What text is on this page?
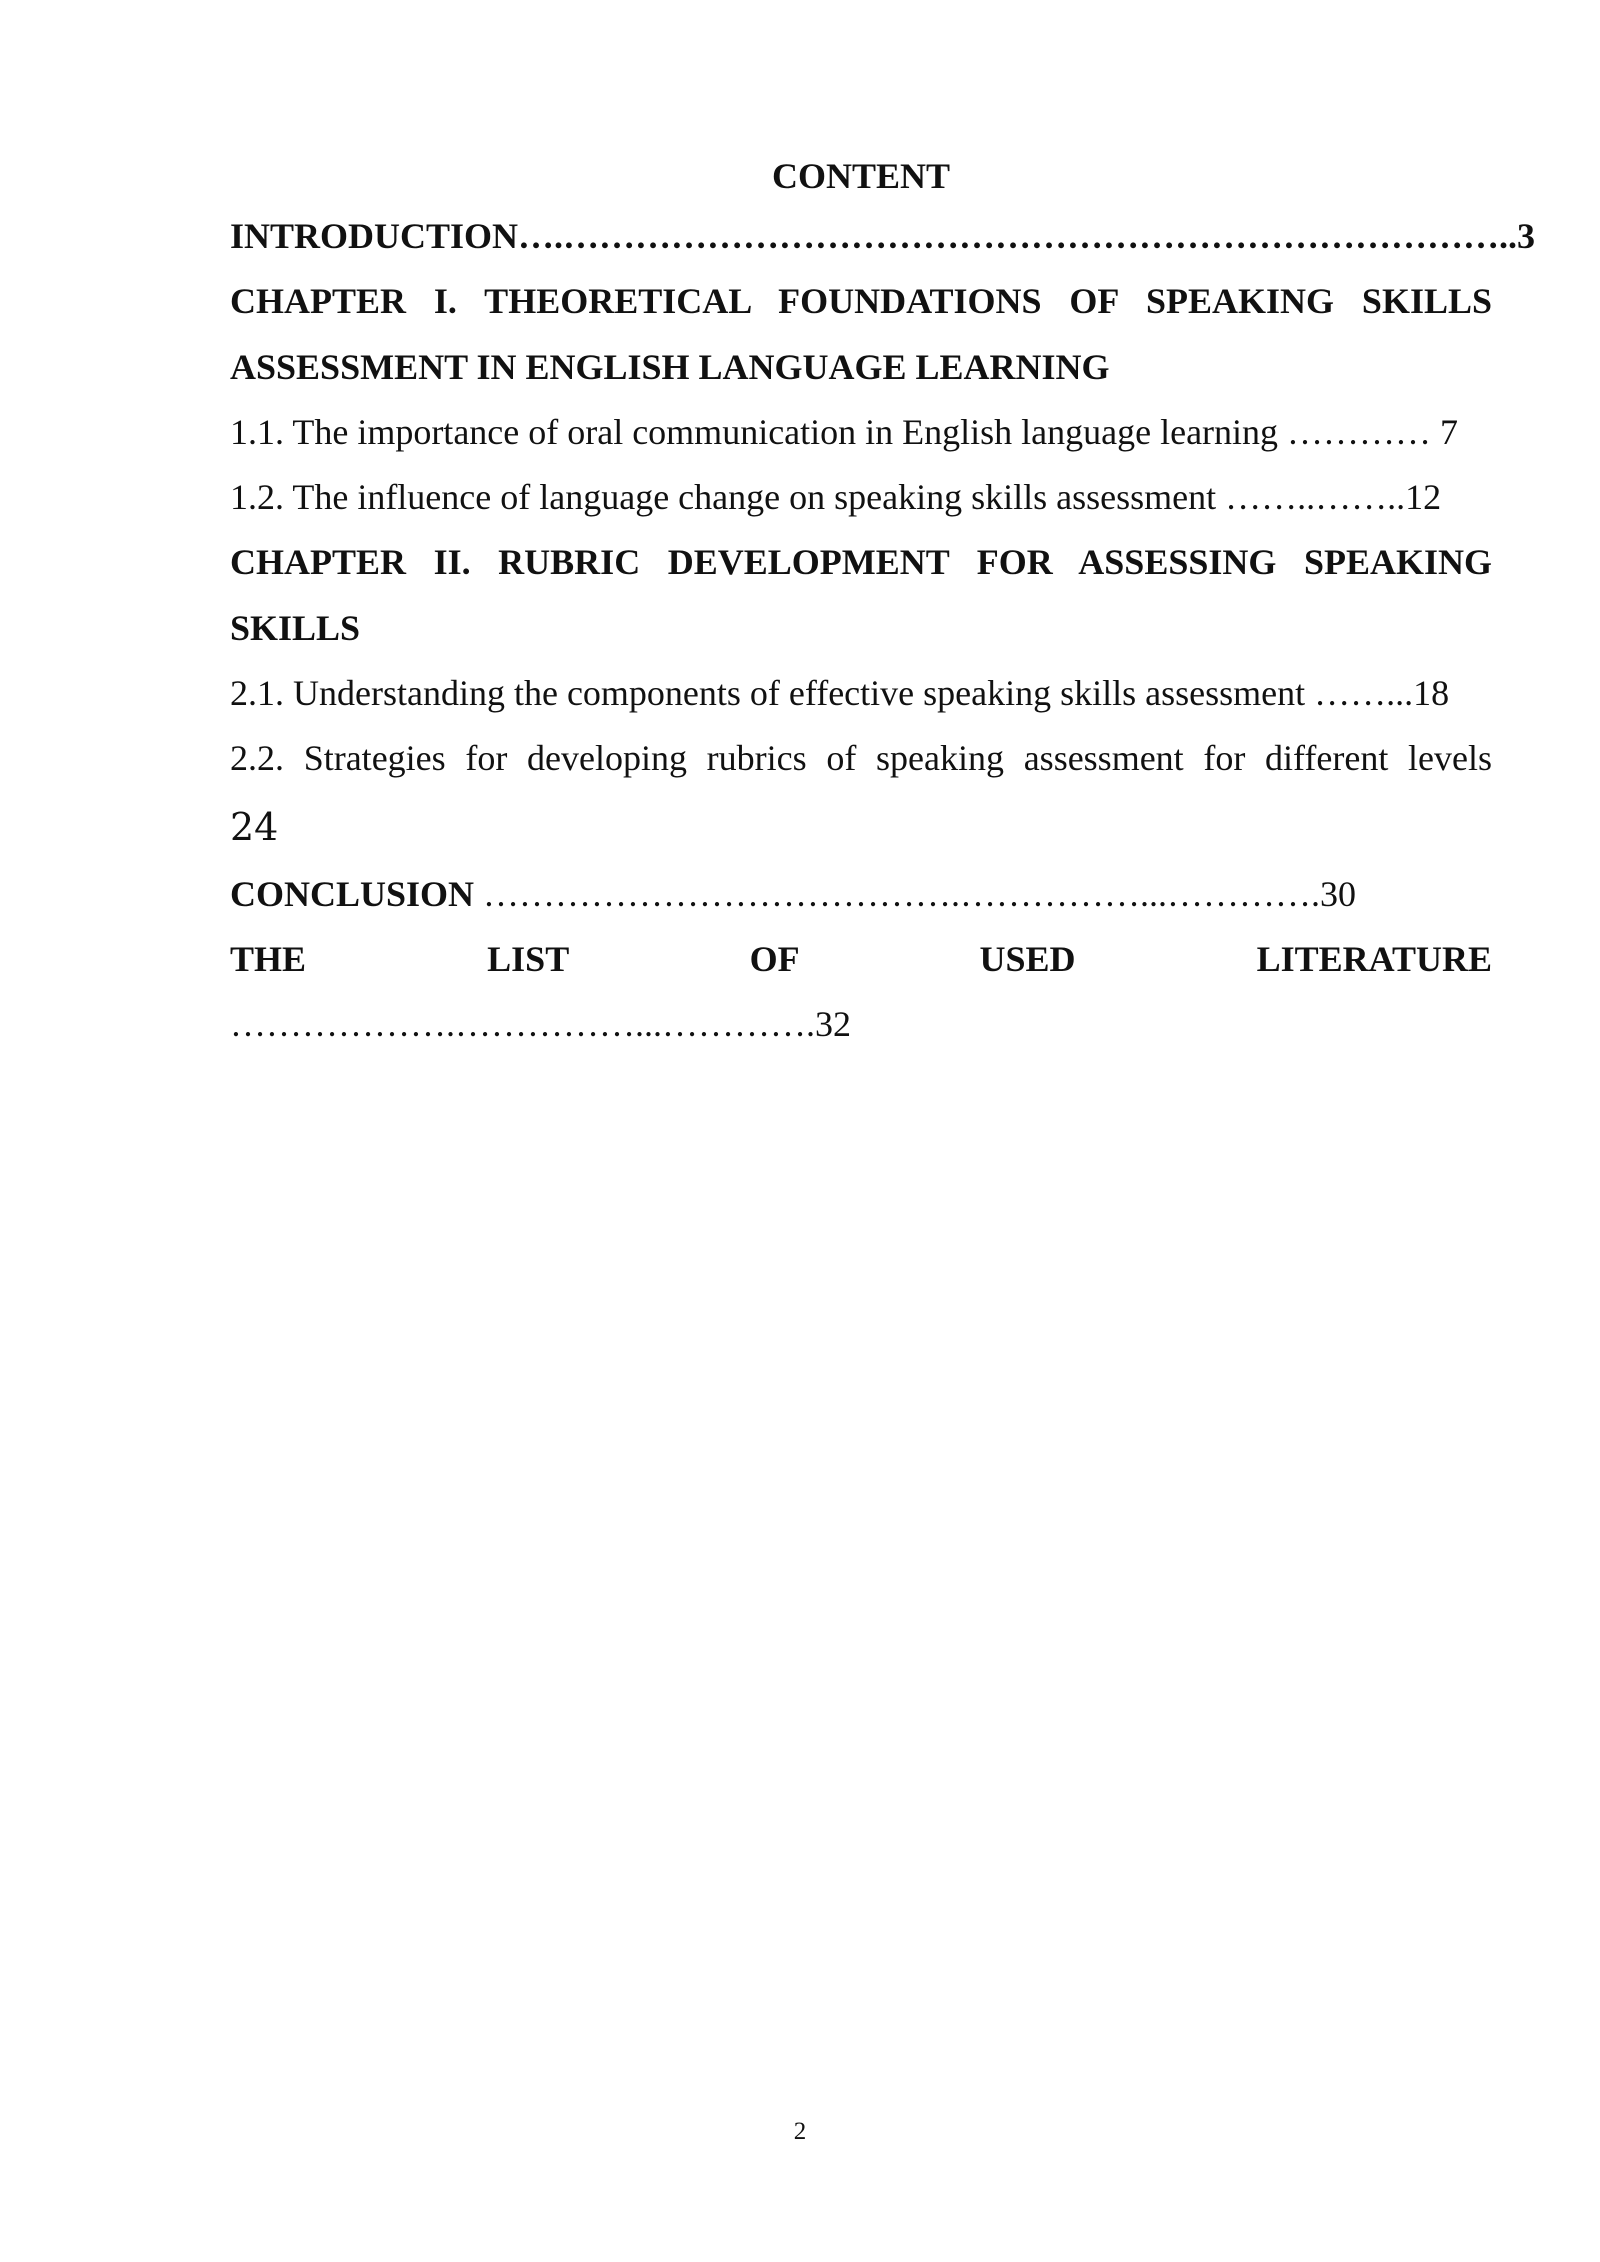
CONTENT

INTRODUCTION….……………………………………………………………………..3

CHAPTER I. THEORETICAL FOUNDATIONS OF SPEAKING SKILLS ASSESSMENT IN ENGLISH LANGUAGE LEARNING

1.1. The importance of oral communication in English language learning ………… 7

1.2. The influence of language change on speaking skills assessment ……..……..12

CHAPTER II. RUBRIC DEVELOPMENT FOR ASSESSING SPEAKING SKILLS

2.1. Understanding the components of effective speaking skills assessment ……...18

2.2. Strategies for developing rubrics of speaking assessment for different levels

24

CONCLUSION ………………………………….……………...………….30

THE LIST OF USED LITERATURE

……………….……………...………….32

2
